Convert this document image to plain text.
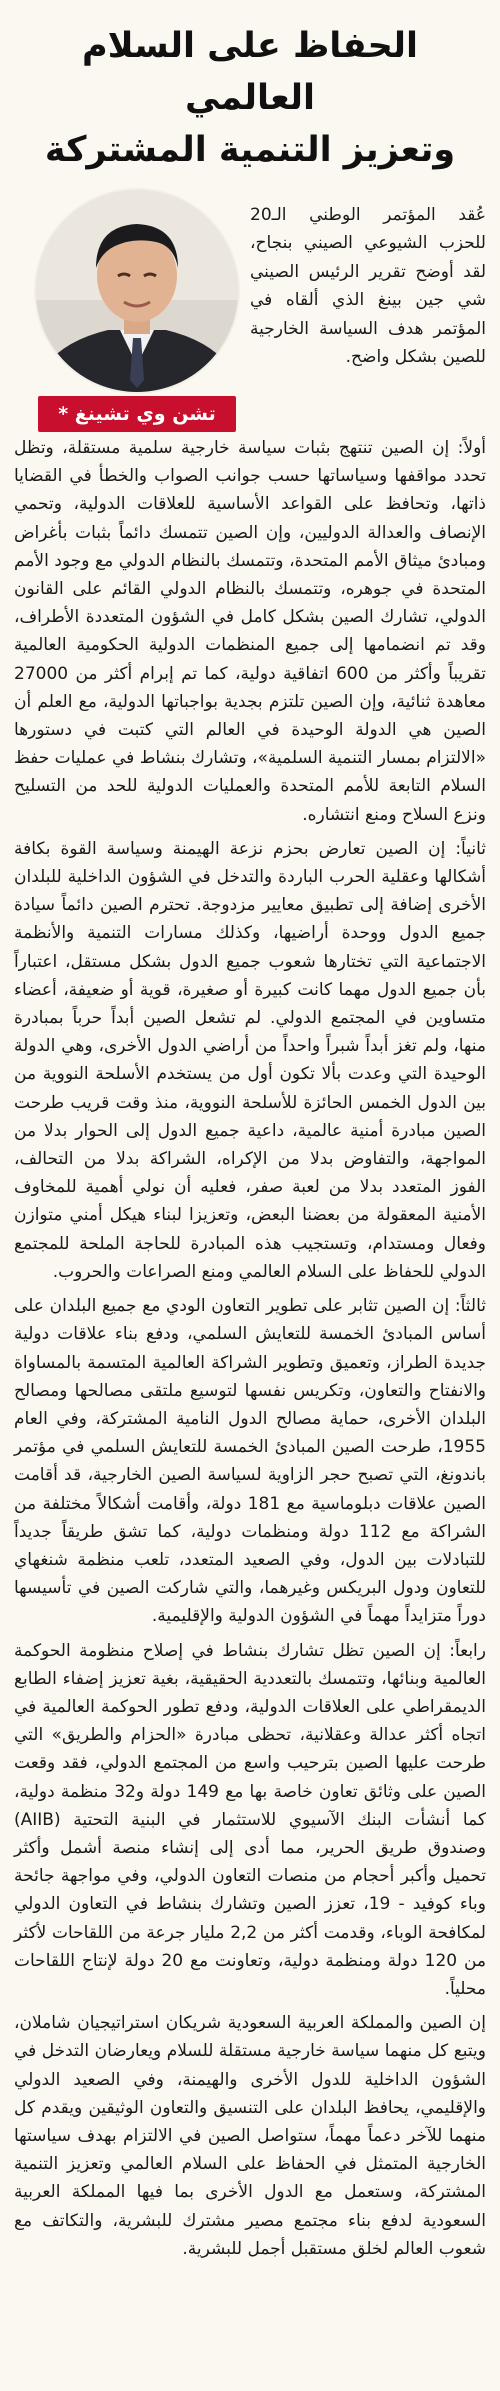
الحفاظ على السلام العالمي
وتعزيز التنمية المشتركة
تشن وي تشينغ *

عُقد المؤتمر الوطني الـ20 للحزب الشيوعي الصيني بنجاح، لقد أوضح تقرير الرئيس الصيني شي جين بينغ الذي ألقاه في المؤتمر هدف السياسة الخارجية للصين بشكل واضح.

أولاً: إن الصين تنتهج بثبات سياسة خارجية سلمية مستقلة، وتظل تحدد مواقفها وسياساتها حسب جوانب الصواب والخطأ في القضايا ذاتها، وتحافظ على القواعد الأساسية للعلاقات الدولية، وتحمي الإنصاف والعدالة الدوليين، وإن الصين تتمسك دائماً بثبات بأغراض ومبادئ ميثاق الأمم المتحدة، وتتمسك بالنظام الدولي مع وجود الأمم المتحدة في جوهره، وتتمسك بالنظام الدولي القائم على القانون الدولي، تشارك الصين بشكل كامل في الشؤون المتعددة الأطراف، وقد تم انضمامها إلى جميع المنظمات الدولية الحكومية العالمية تقريباً وأكثر من 600 اتفاقية دولية، كما تم إبرام أكثر من 27000 معاهدة ثنائية، وإن الصين تلتزم بجدية بواجباتها الدولية، مع العلم أن الصين هي الدولة الوحيدة في العالم التي كتبت في دستورها «الالتزام بمسار التنمية السلمية»، وتشارك بنشاط في عمليات حفظ السلام التابعة للأمم المتحدة والعمليات الدولية للحد من التسليح ونزع السلاح ومنع انتشاره.

ثانياً: إن الصين تعارض بحزم نزعة الهيمنة وسياسة القوة بكافة أشكالها وعقلية الحرب الباردة والتدخل في الشؤون الداخلية للبلدان الأخرى إضافة إلى تطبيق معايير مزدوجة. تحترم الصين دائماً سيادة جميع الدول ووحدة أراضيها، وكذلك مسارات التنمية والأنظمة الاجتماعية التي تختارها شعوب جميع الدول بشكل مستقل، اعتباراً بأن جميع الدول مهما كانت كبيرة أو صغيرة، قوية أو ضعيفة، أعضاء متساوين في المجتمع الدولي. لم تشعل الصين أبداً حرباً بمبادرة منها، ولم تغز أبداً شبراً واحداً من أراضي الدول الأخرى، وهي الدولة الوحيدة التي وعدت بألا تكون أول من يستخدم الأسلحة النووية من بين الدول الخمس الحائزة للأسلحة النووية، منذ وقت قريب طرحت الصين مبادرة أمنية عالمية، داعية جميع الدول إلى الحوار بدلا من المواجهة، والتفاوض بدلا من الإكراه، الشراكة بدلا من التحالف، الفوز المتعدد بدلا من لعبة صفر، فعليه أن نولي أهمية للمخاوف الأمنية المعقولة من بعضنا البعض، وتعزيزا لبناء هيكل أمني متوازن وفعال ومستدام، وتستجيب هذه المبادرة للحاجة الملحة للمجتمع الدولي للحفاظ على السلام العالمي ومنع الصراعات والحروب.

ثالثاً: إن الصين تثابر على تطوير التعاون الودي مع جميع البلدان على أساس المبادئ الخمسة للتعايش السلمي، ودفع بناء علاقات دولية جديدة الطراز، وتعميق وتطوير الشراكة العالمية المتسمة بالمساواة والانفتاح والتعاون، وتكريس نفسها لتوسيع ملتقى مصالحها ومصالح البلدان الأخرى، حماية مصالح الدول النامية المشتركة، وفي العام 1955، طرحت الصين المبادئ الخمسة للتعايش السلمي في مؤتمر باندونغ، التي تصبح حجر الزاوية لسياسة الصين الخارجية، قد أقامت الصين علاقات دبلوماسية مع 181 دولة، وأقامت أشكالاً مختلفة من الشراكة مع 112 دولة ومنظمات دولية، كما تشق طريقاً جديداً للتبادلات بين الدول، وفي الصعيد المتعدد، تلعب منظمة شنغهاي للتعاون ودول البريكس وغيرهما، والتي شاركت الصين في تأسيسها دوراً متزايداً مهماً في الشؤون الدولية والإقليمية.

رابعاً: إن الصين تظل تشارك بنشاط في إصلاح منظومة الحوكمة العالمية وبنائها، وتتمسك بالتعددية الحقيقية، بغية تعزيز إضفاء الطابع الديمقراطي على العلاقات الدولية، ودفع تطور الحوكمة العالمية في اتجاه أكثر عدالة وعقلانية، تحظى مبادرة «الحزام والطريق» التي طرحت عليها الصين بترحيب واسع من المجتمع الدولي، فقد وقعت الصين على وثائق تعاون خاصة بها مع 149 دولة و32 منظمة دولية، كما أنشأت البنك الآسيوي للاستثمار في البنية التحتية (AIIB) وصندوق طريق الحرير، مما أدى إلى إنشاء منصة أشمل وأكثر تحميل وأكبر أحجام من منصات التعاون الدولي، وفي مواجهة جائحة وباء كوفيد - 19، تعزز الصين وتشارك بنشاط في التعاون الدولي لمكافحة الوباء، وقدمت أكثر من 2,2 مليار جرعة من اللقاحات لأكثر من 120 دولة ومنظمة دولية، وتعاونت مع 20 دولة لإنتاج اللقاحات محلياً.

إن الصين والمملكة العربية السعودية شريكان استراتيجيان شاملان، ويتبع كل منهما سياسة خارجية مستقلة للسلام ويعارضان التدخل في الشؤون الداخلية للدول الأخرى والهيمنة، وفي الصعيد الدولي والإقليمي، يحافظ البلدان على التنسيق والتعاون الوثيقين ويقدم كل منهما للآخر دعماً مهماً، ستواصل الصين في الالتزام بهدف سياستها الخارجية المتمثل في الحفاظ على السلام العالمي وتعزيز التنمية المشتركة، وستعمل مع الدول الأخرى بما فيها المملكة العربية السعودية لدفع بناء مجتمع مصير مشترك للبشرية، والتكاتف مع شعوب العالم لخلق مستقبل أجمل للبشرية.
